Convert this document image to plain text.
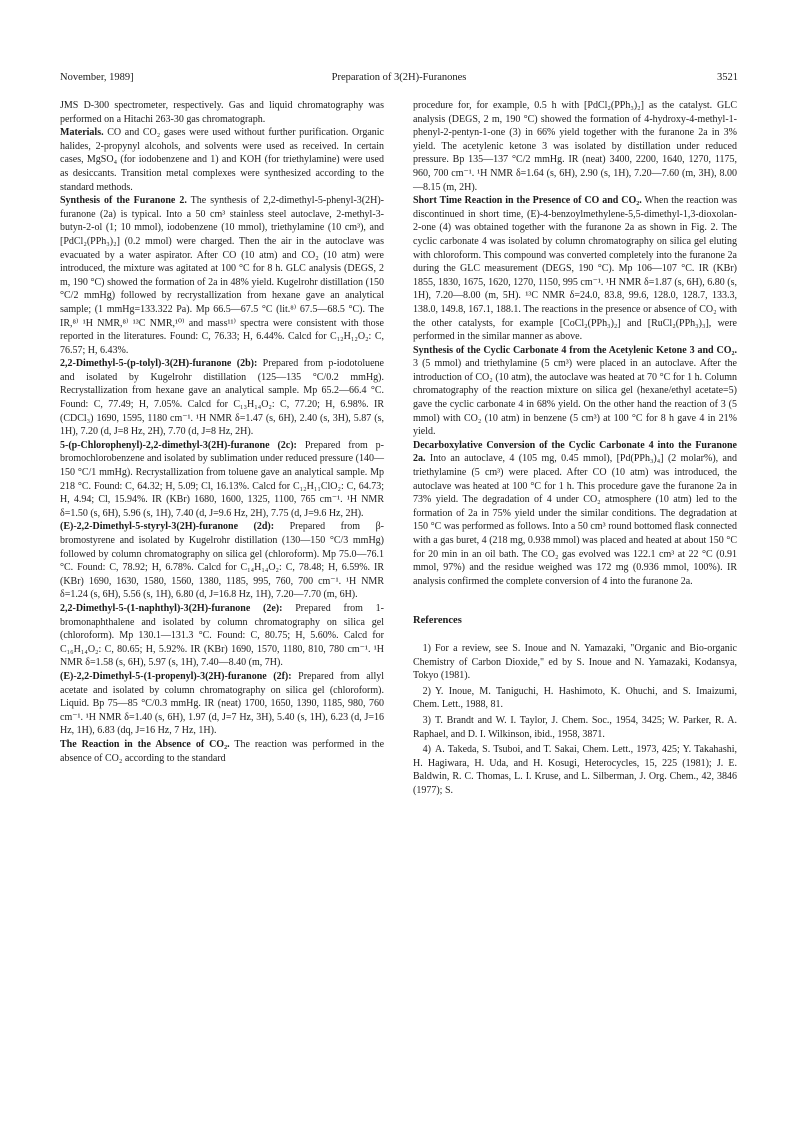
November, 1989]	Preparation of 3(2H)-Furanones	3521

JMS D-300 spectrometer, respectively. Gas and liquid chromatography was performed on a Hitachi 263-30 gas chromatograph.

Materials. CO and CO₂ gases were used without further purification. Organic halides, 2-propynyl alcohols, and solvents were used as received. In certain cases, MgSO₄ (for iodobenzene and 1) and KOH (for triethylamine) were used as desiccants. Transition metal complexes were synthesized according to the standard methods.

Synthesis of the Furanone 2. The synthesis of 2,2-dimethyl-5-phenyl-3(2H)-furanone (2a) is typical. Into a 50 cm³ stainless steel autoclave, 2-methyl-3-butyn-2-ol (1; 10 mmol), iodobenzene (10 mmol), triethylamine (10 cm³), and [PdCl₂(PPh₃)₂] (0.2 mmol) were charged. Then the air in the autoclave was evacuated by a water aspirator. After CO (10 atm) and CO₂ (10 atm) were introduced, the mixture was agitated at 100 °C for 8 h. GLC analysis (DEGS, 2 m, 190 °C) showed the formation of 2a in 48% yield. Kugelrohr distillation (150 °C/2 mmHg) followed by recrystallization from hexane gave an analytical sample; (1 mmHg=133.322 Pa). Mp 66.5—67.5 °C (lit.⁸⁾ 67.5—68.5 °C). The IR,⁸⁾ ¹H NMR,⁸⁾ ¹³C NMR,¹⁰⁾ and mass¹¹⁾ spectra were consistent with those reported in the literatures. Found: C, 76.33; H, 6.44%. Calcd for C₁₂H₁₂O₂: C, 76.57; H, 6.43%.

2,2-Dimethyl-5-(p-tolyl)-3(2H)-furanone (2b): Prepared from p-iodotoluene and isolated by Kugelrohr distillation (125—135 °C/0.2 mmHg). Recrystallization from hexane gave an analytical sample. Mp 65.2—66.4 °C. Found: C, 77.49; H, 7.05%. Calcd for C₁₃H₁₄O₂: C, 77.20; H, 6.98%. IR (CDCl₃) 1690, 1595, 1180 cm⁻¹. ¹H NMR δ=1.47 (s, 6H), 2.40 (s, 3H), 5.87 (s, 1H), 7.20 (d, J=8 Hz, 2H), 7.70 (d, J=8 Hz, 2H).

5-(p-Chlorophenyl)-2,2-dimethyl-3(2H)-furanone (2c): Prepared from p-bromochlorobenzene and isolated by sublimation under reduced pressure (140—150 °C/1 mmHg). Recrystallization from toluene gave an analytical sample. Mp 218 °C. Found: C, 64.32; H, 5.09; Cl, 16.13%. Calcd for C₁₂H₁₁ClO₂: C, 64.73; H, 4.94; Cl, 15.94%. IR (KBr) 1680, 1600, 1325, 1100, 765 cm⁻¹. ¹H NMR δ=1.50 (s, 6H), 5.96 (s, 1H), 7.40 (d, J=9.6 Hz, 2H), 7.75 (d, J=9.6 Hz, 2H).

(E)-2,2-Dimethyl-5-styryl-3(2H)-furanone (2d): Prepared from β-bromostyrene and isolated by Kugelrohr distillation (130—150 °C/3 mmHg) followed by column chromatography on silica gel (chloroform). Mp 75.0—76.1 °C. Found: C, 78.92; H, 6.78%. Calcd for C₁₄H₁₄O₂: C, 78.48; H, 6.59%. IR (KBr) 1690, 1630, 1580, 1560, 1380, 1185, 995, 760, 700 cm⁻¹. ¹H NMR δ=1.24 (s, 6H), 5.56 (s, 1H), 6.80 (d, J=16.8 Hz, 1H), 7.20—7.70 (m, 6H).

2,2-Dimethyl-5-(1-naphthyl)-3(2H)-furanone (2e): Prepared from 1-bromonaphthalene and isolated by column chromatography on silica gel (chloroform). Mp 130.1—131.3 °C. Found: C, 80.75; H, 5.60%. Calcd for C₁₆H₁₄O₂: C, 80.65; H, 5.92%. IR (KBr) 1690, 1570, 1180, 810, 780 cm⁻¹. ¹H NMR δ=1.58 (s, 6H), 5.97 (s, 1H), 7.40—8.40 (m, 7H).

(E)-2,2-Dimethyl-5-(1-propenyl)-3(2H)-furanone (2f): Prepared from allyl acetate and isolated by column chromatography on silica gel (chloroform). Liquid. Bp 75—85 °C/0.3 mmHg. IR (neat) 1700, 1650, 1390, 1185, 980, 760 cm⁻¹. ¹H NMR δ=1.40 (s, 6H), 1.97 (d, J=7 Hz, 3H), 5.40 (s, 1H), 6.23 (d, J=16 Hz, 1H), 6.83 (dq, J=16 Hz, 7 Hz, 1H).

The Reaction in the Absence of CO₂. The reaction was performed in the absence of CO₂ according to the standard

procedure for, for example, 0.5 h with [PdCl₂(PPh₃)₂] as the catalyst. GLC analysis (DEGS, 2 m, 190 °C) showed the formation of 4-hydroxy-4-methyl-1-phenyl-2-pentyn-1-one (3) in 66% yield together with the furanone 2a in 3% yield. The acetylenic ketone 3 was isolated by distillation under reduced pressure. Bp 135—137 °C/2 mmHg. IR (neat) 3400, 2200, 1640, 1270, 1175, 960, 700 cm⁻¹. ¹H NMR δ=1.64 (s, 6H), 2.90 (s, 1H), 7.20—7.60 (m, 3H), 8.00—8.15 (m, 2H).

Short Time Reaction in the Presence of CO and CO₂. When the reaction was discontinued in short time, (E)-4-benzoylmethylene-5,5-dimethyl-1,3-dioxolan-2-one (4) was obtained together with the furanone 2a as shown in Fig. 2. The cyclic carbonate 4 was isolated by column chromatography on silica gel eluting with chloroform. This compound was converted completely into the furanone 2a during the GLC measurement (DEGS, 190 °C). Mp 106—107 °C. IR (KBr) 1855, 1830, 1675, 1620, 1270, 1150, 995 cm⁻¹. ¹H NMR δ=1.87 (s, 6H), 6.80 (s, 1H), 7.20—8.00 (m, 5H). ¹³C NMR δ=24.0, 83.8, 99.6, 128.0, 128.7, 133.3, 138.0, 149.8, 167.1, 188.1. The reactions in the presence or absence of CO₂ with the other catalysts, for example [CoCl₂(PPh₃)₂] and [RuCl₂(PPh₃)₃], were performed in the similar manner as above.

Synthesis of the Cyclic Carbonate 4 from the Acetylenic Ketone 3 and CO₂. 3 (5 mmol) and triethylamine (5 cm³) were placed in an autoclave. After the introduction of CO₂ (10 atm), the autoclave was heated at 70 °C for 1 h. Column chromatography of the reaction mixture on silica gel (hexane/ethyl acetate=5) gave the cyclic carbonate 4 in 68% yield. On the other hand the reaction of 3 (5 mmol) with CO₂ (10 atm) in benzene (5 cm³) at 100 °C for 8 h gave 4 in 21% yield.

Decarboxylative Conversion of the Cyclic Carbonate 4 into the Furanone 2a. Into an autoclave, 4 (105 mg, 0.45 mmol), [Pd(PPh₃)₄] (2 molar%), and triethylamine (5 cm³) were placed. After CO (10 atm) was introduced, the autoclave was heated at 100 °C for 1 h. This procedure gave the furanone 2a in 73% yield. The degradation of 4 under CO₂ atmosphere (10 atm) led to the formation of 2a in 75% yield under the similar conditions. The degradation at 150 °C was performed as follows. Into a 50 cm³ round bottomed flask connected with a gas buret, 4 (218 mg, 0.938 mmol) was placed and heated at about 150 °C for 20 min in an oil bath. The CO₂ gas evolved was 122.1 cm³ at 22 °C (0.91 mmol, 97%) and the residue weighed was 172 mg (0.936 mmol, 100%). IR analysis confirmed the complete conversion of 4 into the furanone 2a.

References

1) For a review, see S. Inoue and N. Yamazaki, "Organic and Bio-organic Chemistry of Carbon Dioxide," ed by S. Inoue and N. Yamazaki, Kodansya, Tokyo (1981).

2) Y. Inoue, M. Taniguchi, H. Hashimoto, K. Ohuchi, and S. Imaizumi, Chem. Lett., 1988, 81.

3) T. Brandt and W. I. Taylor, J. Chem. Soc., 1954, 3425; W. Parker, R. A. Raphael, and D. I. Wilkinson, ibid., 1958, 3871.

4) A. Takeda, S. Tsuboi, and T. Sakai, Chem. Lett., 1973, 425; Y. Takahashi, H. Hagiwara, H. Uda, and H. Kosugi, Heterocycles, 15, 225 (1981); J. E. Baldwin, R. C. Thomas, L. I. Kruse, and L. Silberman, J. Org. Chem., 42, 3846 (1977); S.
